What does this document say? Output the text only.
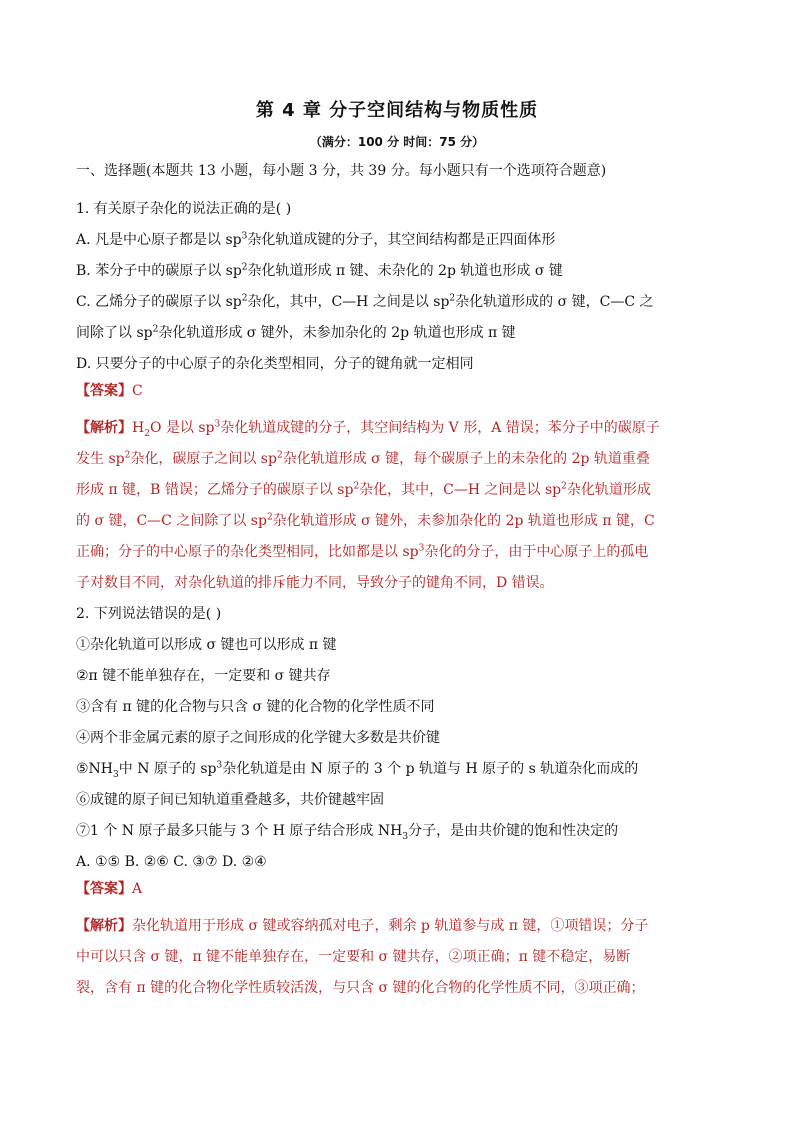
第 4 章 分子空间结构与物质性质
（满分：100 分 时间：75 分）
一、选择题(本题共 13 小题，每小题 3 分，共 39 分。每小题只有一个选项符合题意)
1. 有关原子杂化的说法正确的是( )
A. 凡是中心原子都是以 $sp^3$杂化轨道成键的分子，其空间结构都是正四面体形
B. 苯分子中的碳原子以 $sp^2$杂化轨道形成 π 键、未杂化的 2p 轨道也形成 σ 键
C. 乙烯分子的碳原子以 $sp^2$杂化，其中，C—H 之间是以 $sp^2$杂化轨道形成的 σ 键，C—C 之
间除了以 $sp^2$杂化轨道形成 σ 键外，未参加杂化的 2p 轨道也形成 π 键
D. 只要分子的中心原子的杂化类型相同，分子的键角就一定相同
【答案】C
【解析】$H_2O$ 是以 $sp^3$杂化轨道成键的分子，其空间结构为 V 形，A 错误；苯分子中的碳原子
发生 $sp^2$杂化，碳原子之间以 $sp^2$杂化轨道形成 σ 键，每个碳原子上的未杂化的 2p 轨道重叠
形成 π 键，B 错误；乙烯分子的碳原子以 $sp^2$杂化，其中，C—H 之间是以 $sp^2$杂化轨道形成
的 σ 键，C—C 之间除了以 $sp^2$杂化轨道形成 σ 键外，未参加杂化的 2p 轨道也形成 π 键，C
正确；分子的中心原子的杂化类型相同，比如都是以 $sp^3$杂化的分子，由于中心原子上的孤电
子对数目不同，对杂化轨道的排斥能力不同，导致分子的键角不同，D 错误。
2. 下列说法错误的是( )
①杂化轨道可以形成 σ 键也可以形成 π 键
②π 键不能单独存在，一定要和 σ 键共存
③含有 π 键的化合物与只含 σ 键的化合物的化学性质不同
④两个非金属元素的原子之间形成的化学键大多数是共价键
$⑤NH_3$中 N 原子的 $sp^3$杂化轨道是由 N 原子的 3 个 p 轨道与 H 原子的 s 轨道杂化而成的
⑥成键的原子间已知轨道重叠越多，共价键越牢固
⑦1 个 N 原子最多只能与 3 个 H 原子结合形成 $NH_3$分子，是由共价键的饱和性决定的
A. ①⑤ B. ②⑥ C. ③⑦ D. ②④
【答案】A
【解析】杂化轨道用于形成 σ 键或容纳孤对电子，剩余 p 轨道参与成 π 键，①项错误；分子
中可以只含 σ 键，π 键不能单独存在，一定要和 σ 键共存，②项正确；π 键不稳定，易断
裂，含有 π 键的化合物化学性质较活泼，与只含 σ 键的化合物的化学性质不同，③项正确；
